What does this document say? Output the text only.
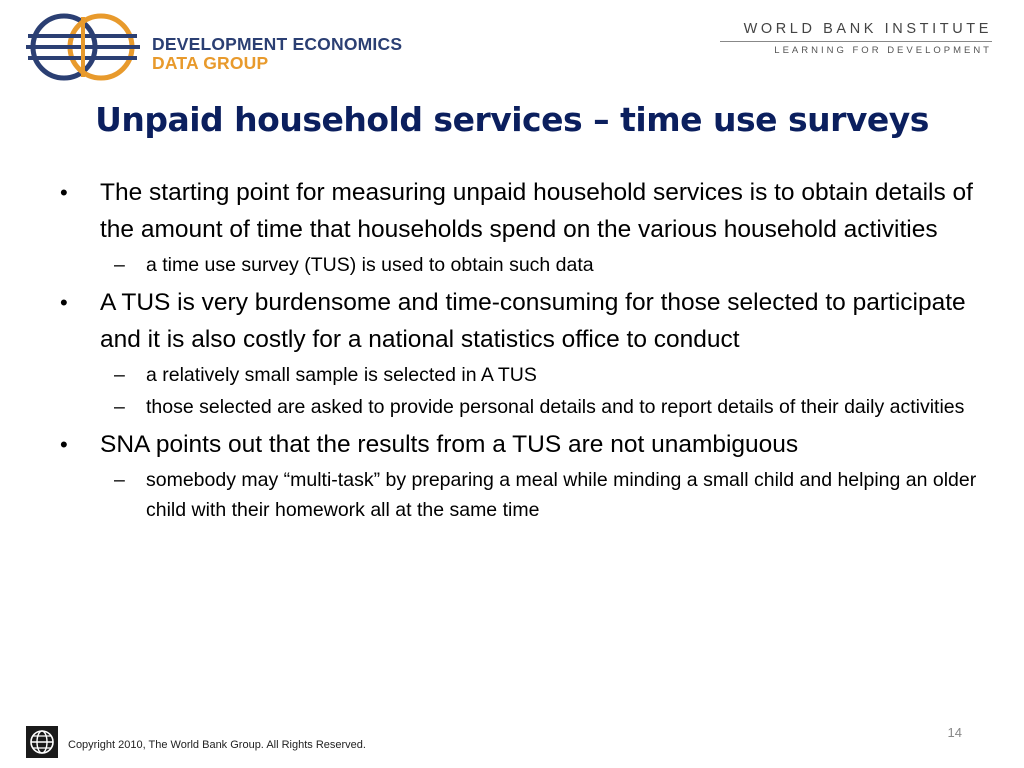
DEVELOPMENT ECONOMICS
DATA GROUP
WORLD BANK INSTITUTE
LEARNING FOR DEVELOPMENT
Unpaid household services – time use surveys
• The starting point for measuring unpaid household services is to obtain details of the amount of time that households spend on the various household activities
– a time use survey (TUS) is used to obtain such data
• A TUS is very burdensome and time-consuming for those selected to participate and it is also costly for a national statistics office to conduct
– a relatively small sample is selected in A TUS
– those selected are asked to provide personal details and to report details of their daily activities
• SNA points out that the results from a TUS are not unambiguous
– somebody may “multi-task” by preparing a meal while minding a small child and helping an older child with their homework all at the same time
Copyright 2010, The World Bank Group. All Rights Reserved.
14
